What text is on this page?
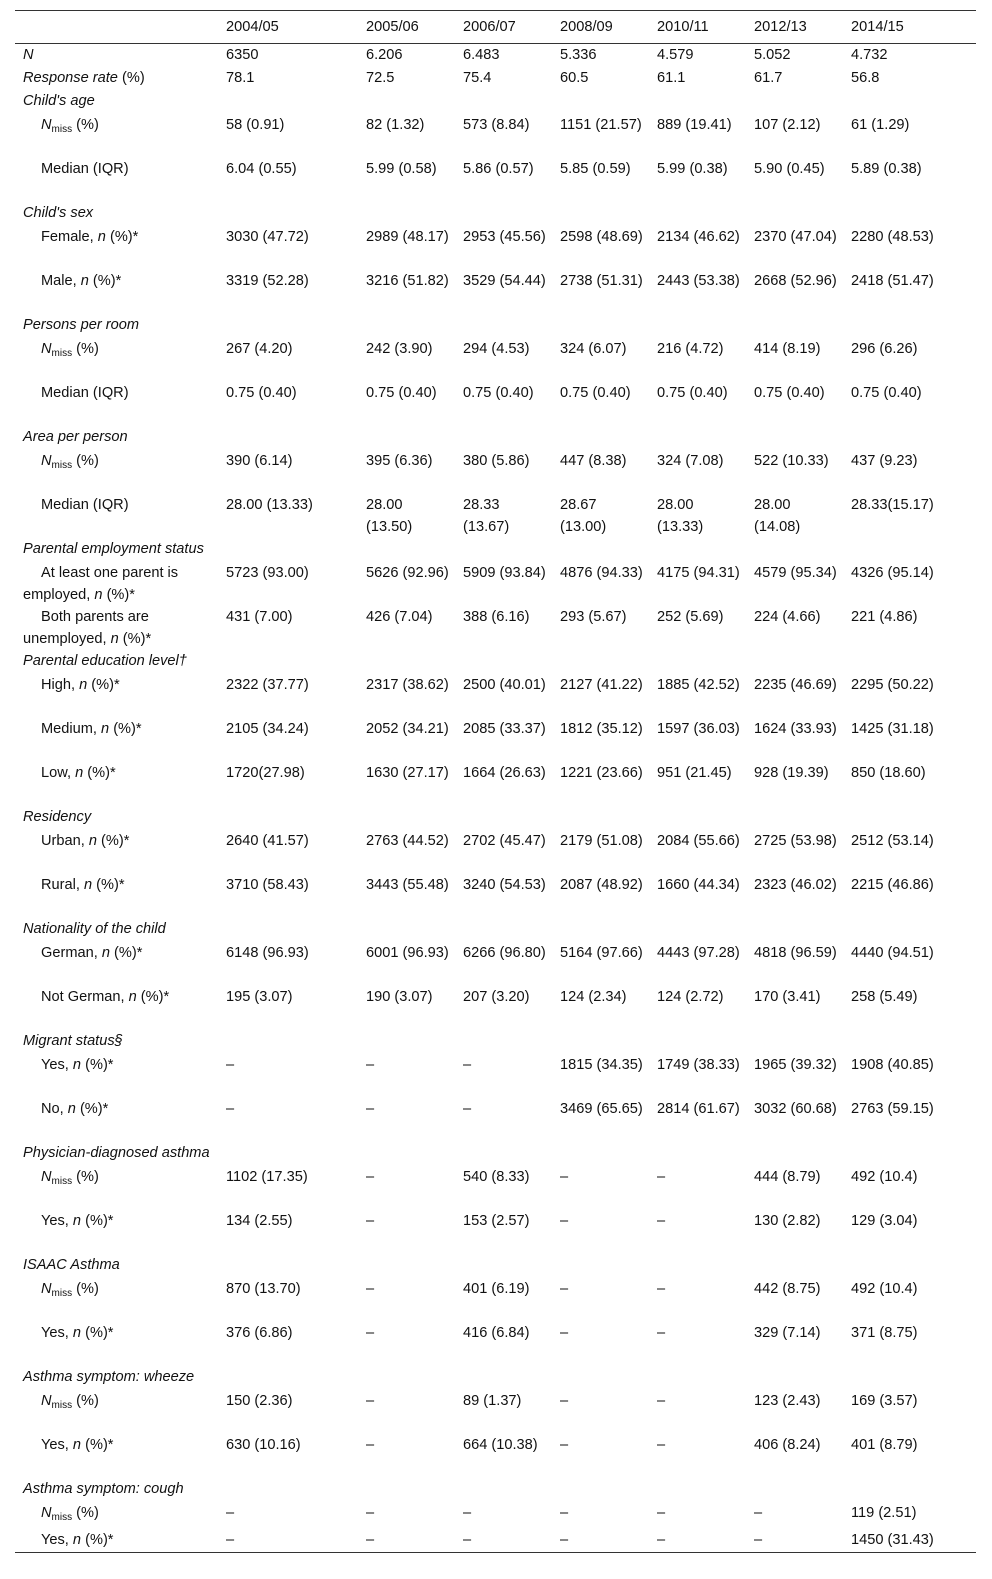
	2004/05	2005/06	2006/07	2008/09	2010/11	2012/13	2014/15
N	6350	6.206	6.483	5.336	4.579	5.052	4.732
Response rate (%)	78.1	72.5	75.4	60.5	61.1	61.7	56.8
Child's age							
$N_{miss}$ (%)	58 (0.91)	82 (1.32)	573 (8.84)	1151 (21.57)	889 (19.41)	107 (2.12)	61 (1.29)
Median (IQR)	6.04 (0.55)	5.99 (0.58)	5.86 (0.57)	5.85 (0.59)	5.99 (0.38)	5.90 (0.45)	5.89 (0.38)
Child's sex							
Female, n (%)*	3030 (47.72)	2989 (48.17)	2953 (45.56)	2598 (48.69)	2134 (46.62)	2370 (47.04)	2280 (48.53)
Male, n (%)*	3319 (52.28)	3216 (51.82)	3529 (54.44)	2738 (51.31)	2443 (53.38)	2668 (52.96)	2418 (51.47)
Persons per room							
$N_{miss}$ (%)	267 (4.20)	242 (3.90)	294 (4.53)	324 (6.07)	216 (4.72)	414 (8.19)	296 (6.26)
Median (IQR)	0.75 (0.40)	0.75 (0.40)	0.75 (0.40)	0.75 (0.40)	0.75 (0.40)	0.75 (0.40)	0.75 (0.40)
Area per person							
$N_{miss}$ (%)	390 (6.14)	395 (6.36)	380 (5.86)	447 (8.38)	324 (7.08)	522 (10.33)	437 (9.23)
Median (IQR)	28.00 (13.33)	28.00 (13.50)	28.33 (13.67)	28.67 (13.00)	28.00 (13.33)	28.00 (14.08)	28.33(15.17)
Parental employment status							
At least one parent is employed, n (%)*	5723 (93.00)	5626 (92.96)	5909 (93.84)	4876 (94.33)	4175 (94.31)	4579 (95.34)	4326 (95.14)
Both parents are unemployed, n (%)*	431 (7.00)	426 (7.04)	388 (6.16)	293 (5.67)	252 (5.69)	224 (4.66)	221 (4.86)
Parental education level†							
High, n (%)*	2322 (37.77)	2317 (38.62)	2500 (40.01)	2127 (41.22)	1885 (42.52)	2235 (46.69)	2295 (50.22)
Medium, n (%)*	2105 (34.24)	2052 (34.21)	2085 (33.37)	1812 (35.12)	1597 (36.03)	1624 (33.93)	1425 (31.18)
Low, n (%)*	1720(27.98)	1630 (27.17)	1664 (26.63)	1221 (23.66)	951 (21.45)	928 (19.39)	850 (18.60)
Residency							
Urban, n (%)*	2640 (41.57)	2763 (44.52)	2702 (45.47)	2179 (51.08)	2084 (55.66)	2725 (53.98)	2512 (53.14)
Rural, n (%)*	3710 (58.43)	3443 (55.48)	3240 (54.53)	2087 (48.92)	1660 (44.34)	2323 (46.02)	2215 (46.86)
Nationality of the child							
German, n (%)*	6148 (96.93)	6001 (96.93)	6266 (96.80)	5164 (97.66)	4443 (97.28)	4818 (96.59)	4440 (94.51)
Not German, n (%)*	195 (3.07)	190 (3.07)	207 (3.20)	124 (2.34)	124 (2.72)	170 (3.41)	258 (5.49)
Migrant status§							
Yes, n (%)*	–	–	–	1815 (34.35)	1749 (38.33)	1965 (39.32)	1908 (40.85)
No, n (%)*	–	–	–	3469 (65.65)	2814 (61.67)	3032 (60.68)	2763 (59.15)
Physician-diagnosed asthma							
$N_{miss}$ (%)	1102 (17.35)	–	540 (8.33)	–	–	444 (8.79)	492 (10.4)
Yes, n (%)*	134 (2.55)	–	153 (2.57)	–	–	130 (2.82)	129 (3.04)
ISAAC Asthma							
$N_{miss}$ (%)	870 (13.70)	–	401 (6.19)	–	–	442 (8.75)	492 (10.4)
Yes, n (%)*	376 (6.86)	–	416 (6.84)	–	–	329 (7.14)	371 (8.75)
Asthma symptom: wheeze							
$N_{miss}$ (%)	150 (2.36)	–	89 (1.37)	–	–	123 (2.43)	169 (3.57)
Yes, n (%)*	630 (10.16)	–	664 (10.38)	–	–	406 (8.24)	401 (8.79)
Asthma symptom: cough							
$N_{miss}$ (%)	–	–	–	–	–	–	119 (2.51)
Yes, n (%)*	–	–	–	–	–	–	1450 (31.43)
